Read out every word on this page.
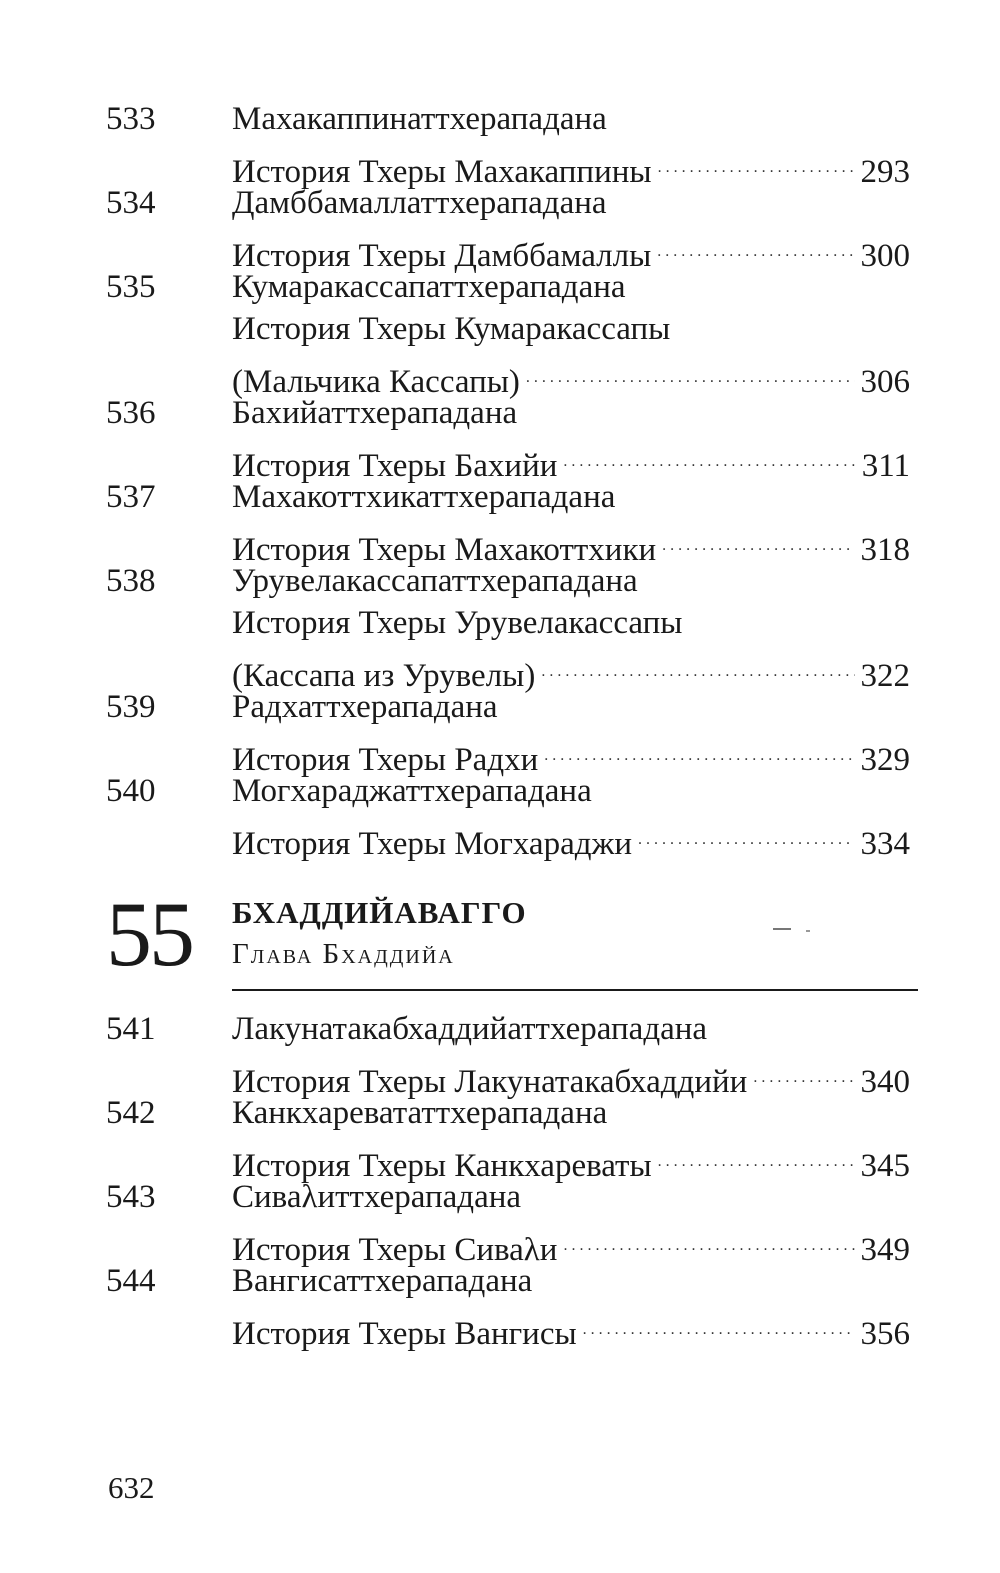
533 Махакаппинаттхерападана
История Тхеры Махакаппины . . .	293
534 Дамббамаллаттхерападана
История Тхеры Дамббамаллы . . .	300
535 Кумаракассапаттхерападана
История Тхеры Кумаракассапы
(Мальчика Кассапы) . . .	306
536 Бахийаттхерападана
История Тхеры Бахийи . . .	311
537 Махакоттхикаттхерападана
История Тхеры Махакоттхики . . .	318
538 Урувелакассапаттхерападана
История Тхеры Урувелакассапы
(Кассапа из Урувелы) . . .	322
539 Радхаттхерападана
История Тхеры Радхи . . .	329
540 Могхараджаттхерападана
История Тхеры Могхараджи . . .	334
55 БХАДДИЙАВАГГО
Глава Бхаддийа
541 Лакунатакабхаддийаттхерападана
История Тхеры Лакунатакабхаддийи . . .	340
542 Канкхаревататтхерападана
История Тхеры Канкхареваты . . .	345
543 Сиваλиттхерападана
История Тхеры Сиваλи . . .	349
544 Вангисаттхерападана
История Тхеры Вангисы . . .	356
632
